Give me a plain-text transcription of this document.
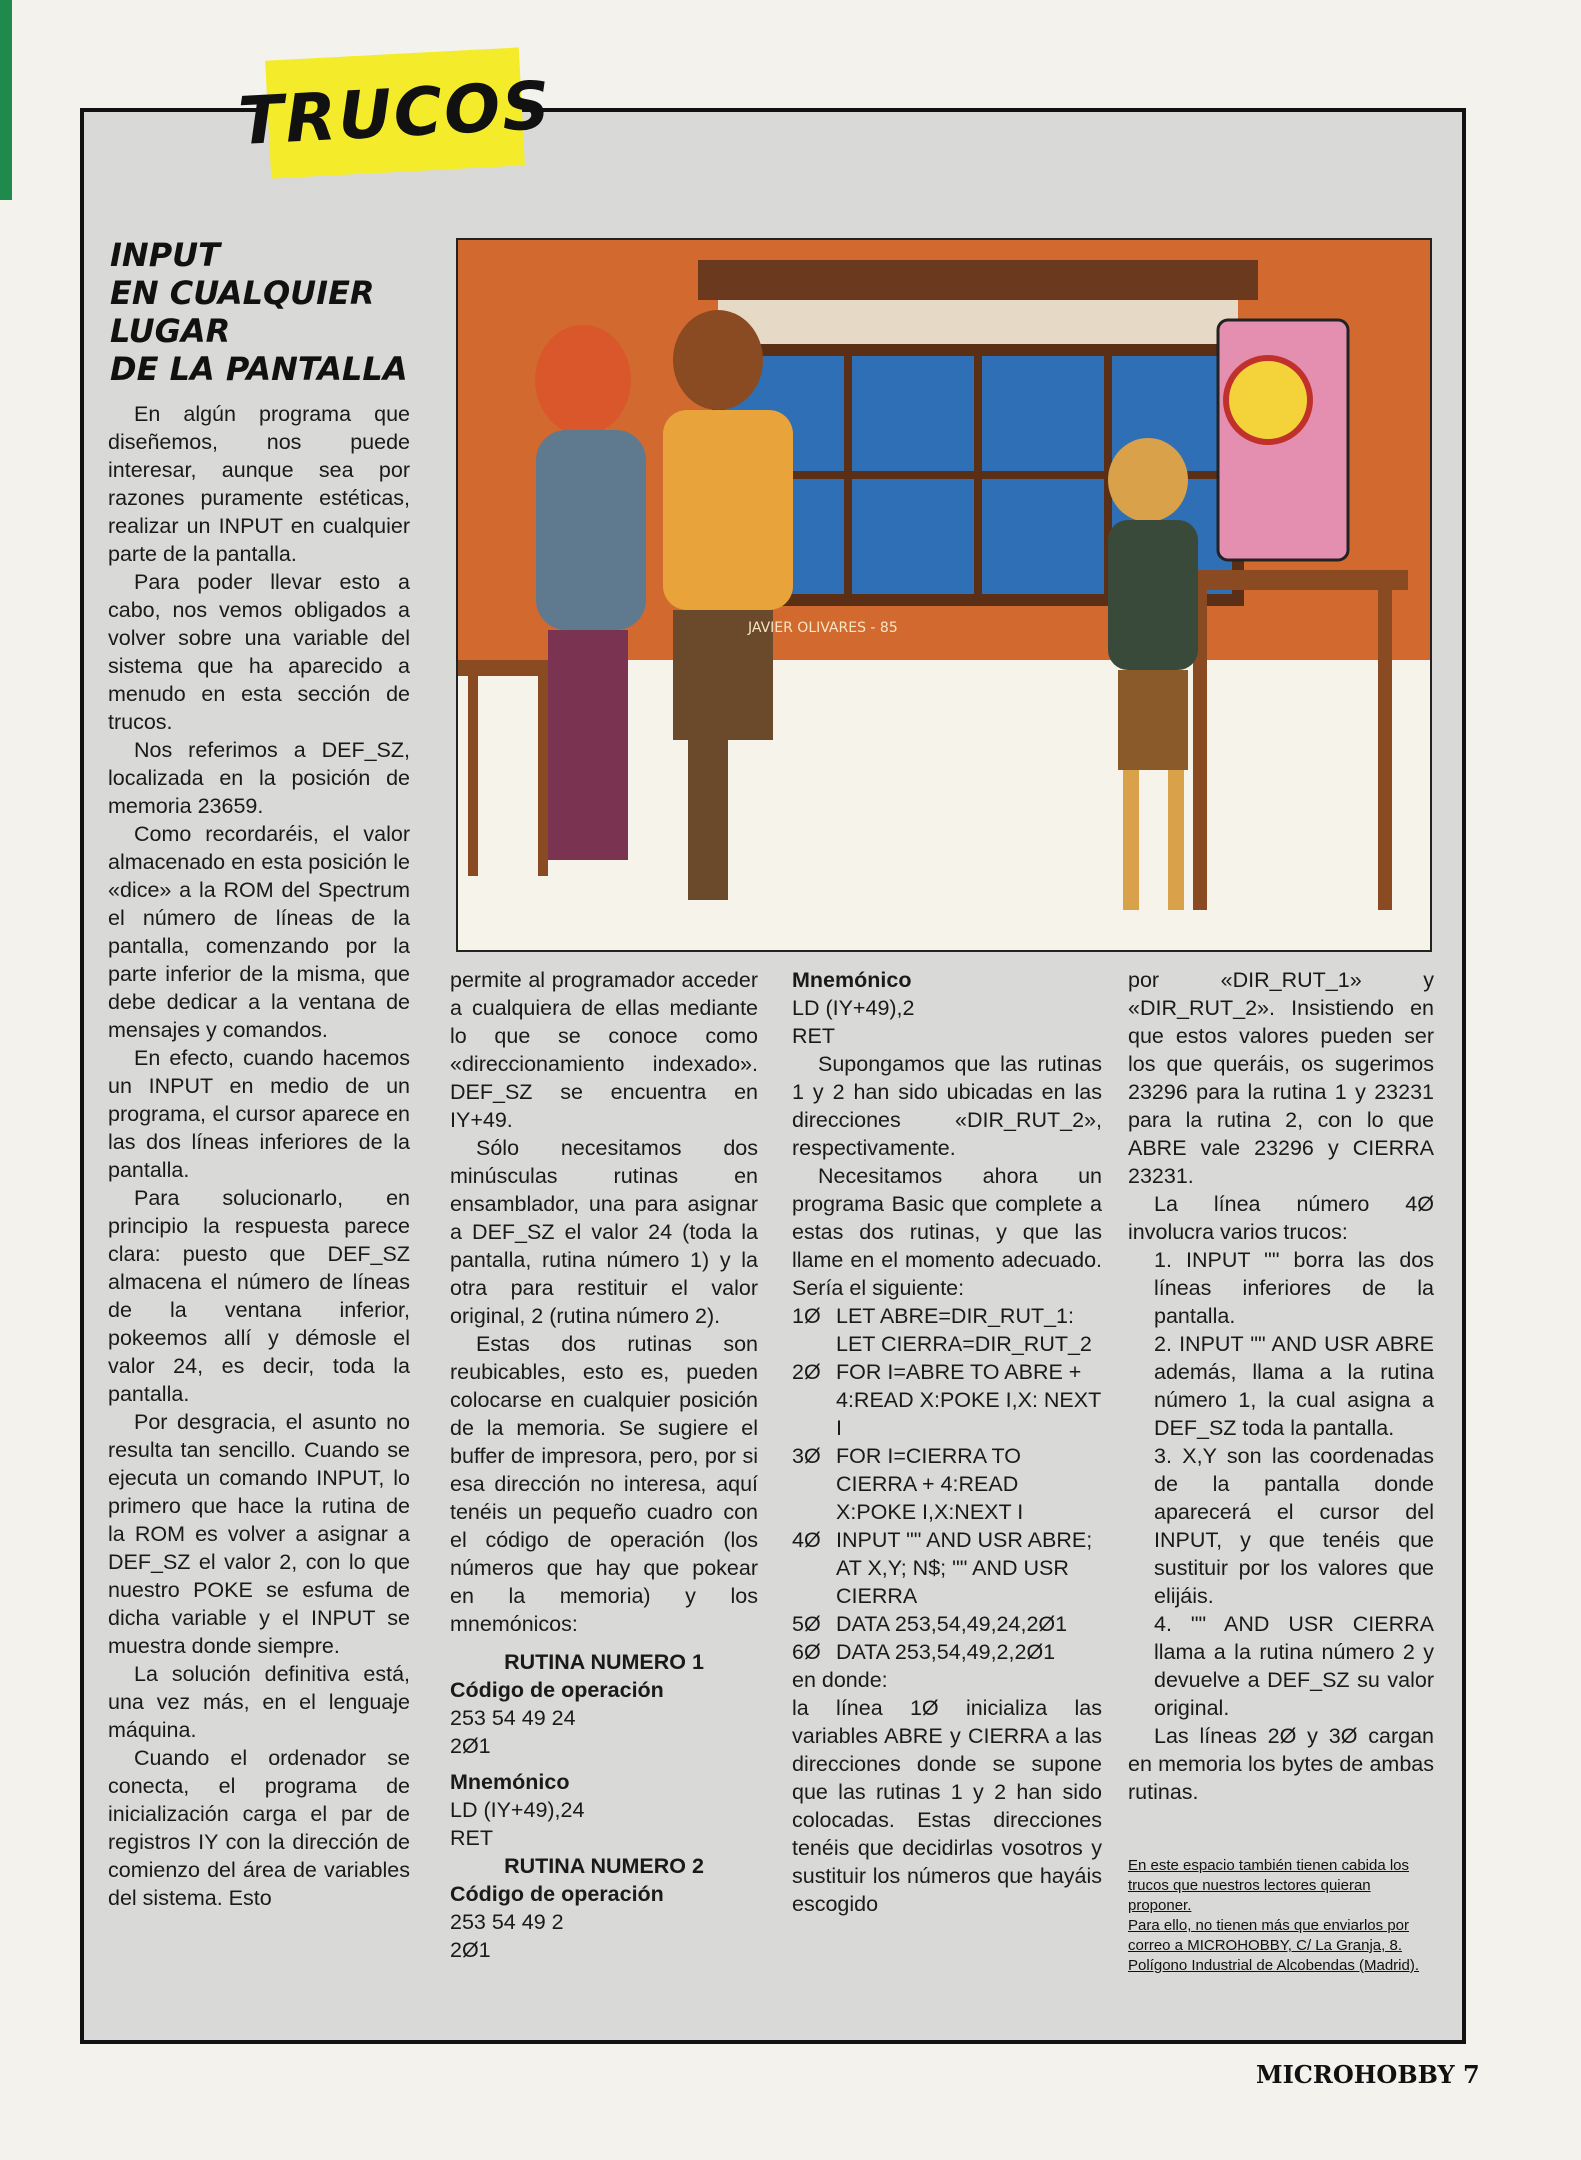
TRUCOS
INPUT
EN CUALQUIER
LUGAR
DE LA PANTALLA
JAVIER OLIVARES - 85

En algún programa que diseñemos, nos puede interesar, aunque sea por razones puramente estéticas, realizar un INPUT en cualquier parte de la pantalla.

Para poder llevar esto a cabo, nos vemos obligados a volver sobre una variable del sistema que ha aparecido a menudo en esta sección de trucos.

Nos referimos a DEF_SZ, localizada en la posición de memoria 23659.

Como recordaréis, el valor almacenado en esta posición le «dice» a la ROM del Spectrum el número de líneas de la pantalla, comenzando por la parte inferior de la misma, que debe dedicar a la ventana de mensajes y comandos.

En efecto, cuando hacemos un INPUT en medio de un programa, el cursor aparece en las dos líneas inferiores de la pantalla.

Para solucionarlo, en principio la respuesta parece clara: puesto que DEF_SZ almacena el número de líneas de la ventana inferior, pokeemos allí y démosle el valor 24, es decir, toda la pantalla.

Por desgracia, el asunto no resulta tan sencillo. Cuando se ejecuta un comando INPUT, lo primero que hace la rutina de la ROM es volver a asignar a DEF_SZ el valor 2, con lo que nuestro POKE se esfuma de dicha variable y el INPUT se muestra donde siempre.

La solución definitiva está, una vez más, en el lenguaje máquina.

Cuando el ordenador se conecta, el programa de inicialización carga el par de registros IY con la dirección de comienzo del área de variables del sistema. Esto

permite al programador acceder a cualquiera de ellas mediante lo que se conoce como «direccionamiento indexado». DEF_SZ se encuentra en IY+49.

Sólo necesitamos dos minúsculas rutinas en ensamblador, una para asignar a DEF_SZ el valor 24 (toda la pantalla, rutina número 1) y la otra para restituir el valor original, 2 (rutina número 2).

Estas dos rutinas son reubicables, esto es, pueden colocarse en cualquier posición de la memoria. Se sugiere el buffer de impresora, pero, por si esa dirección no interesa, aquí tenéis un pequeño cuadro con el código de operación (los números que hay que pokear en la memoria) y los mnemónicos:

RUTINA NUMERO 1

Código de operación

253 54 49 24

2Ø1

Mnemónico

LD (IY+49),24

RET

RUTINA NUMERO 2

Código de operación

253 54 49 2

2Ø1

Mnemónico

LD (IY+49),2

RET

Supongamos que las rutinas 1 y 2 han sido ubicadas en las direcciones «DIR_RUT_2», respectivamente.

Necesitamos ahora un programa Basic que complete a estas dos rutinas, y que las llame en el momento adecuado. Sería el siguiente:

1Ø LET ABRE=DIR_RUT_1: LET CIERRA=DIR_RUT_2
2Ø FOR I=ABRE TO ABRE + 4:READ X:POKE I,X: NEXT I
3Ø FOR I=CIERRA TO CIERRA + 4:READ X:POKE I,X:NEXT I
4Ø INPUT "" AND USR ABRE; AT X,Y; N$; "" AND USR CIERRA
5Ø DATA 253,54,49,24,2Ø1
6Ø DATA 253,54,49,2,2Ø1

en donde:

la línea 1Ø inicializa las variables ABRE y CIERRA a las direcciones donde se supone que las rutinas 1 y 2 han sido colocadas. Estas direcciones tenéis que decidirlas vosotros y sustituir los números que hayáis escogido

por «DIR_RUT_1» y «DIR_RUT_2». Insistiendo en que estos valores pueden ser los que queráis, os sugerimos 23296 para la rutina 1 y 23231 para la rutina 2, con lo que ABRE vale 23296 y CIERRA 23231.

La línea número 4Ø involucra varios trucos:

1. INPUT "" borra las dos líneas inferiores de la pantalla.

2. INPUT "" AND USR ABRE además, llama a la rutina número 1, la cual asigna a DEF_SZ toda la pantalla.

3. X,Y son las coordenadas de la pantalla donde aparecerá el cursor del INPUT, y que tenéis que sustituir por los valores que elijáis.

4. "" AND USR CIERRA llama a la rutina número 2 y devuelve a DEF_SZ su valor original.

Las líneas 2Ø y 3Ø cargan en memoria los bytes de ambas rutinas.

En este espacio también tienen cabida los trucos que nuestros lectores quieran proponer.

Para ello, no tienen más que enviarlos por correo a MICROHOBBY, C/ La Granja, 8. Polígono Industrial de Alcobendas (Madrid).

MICROHOBBY 7
